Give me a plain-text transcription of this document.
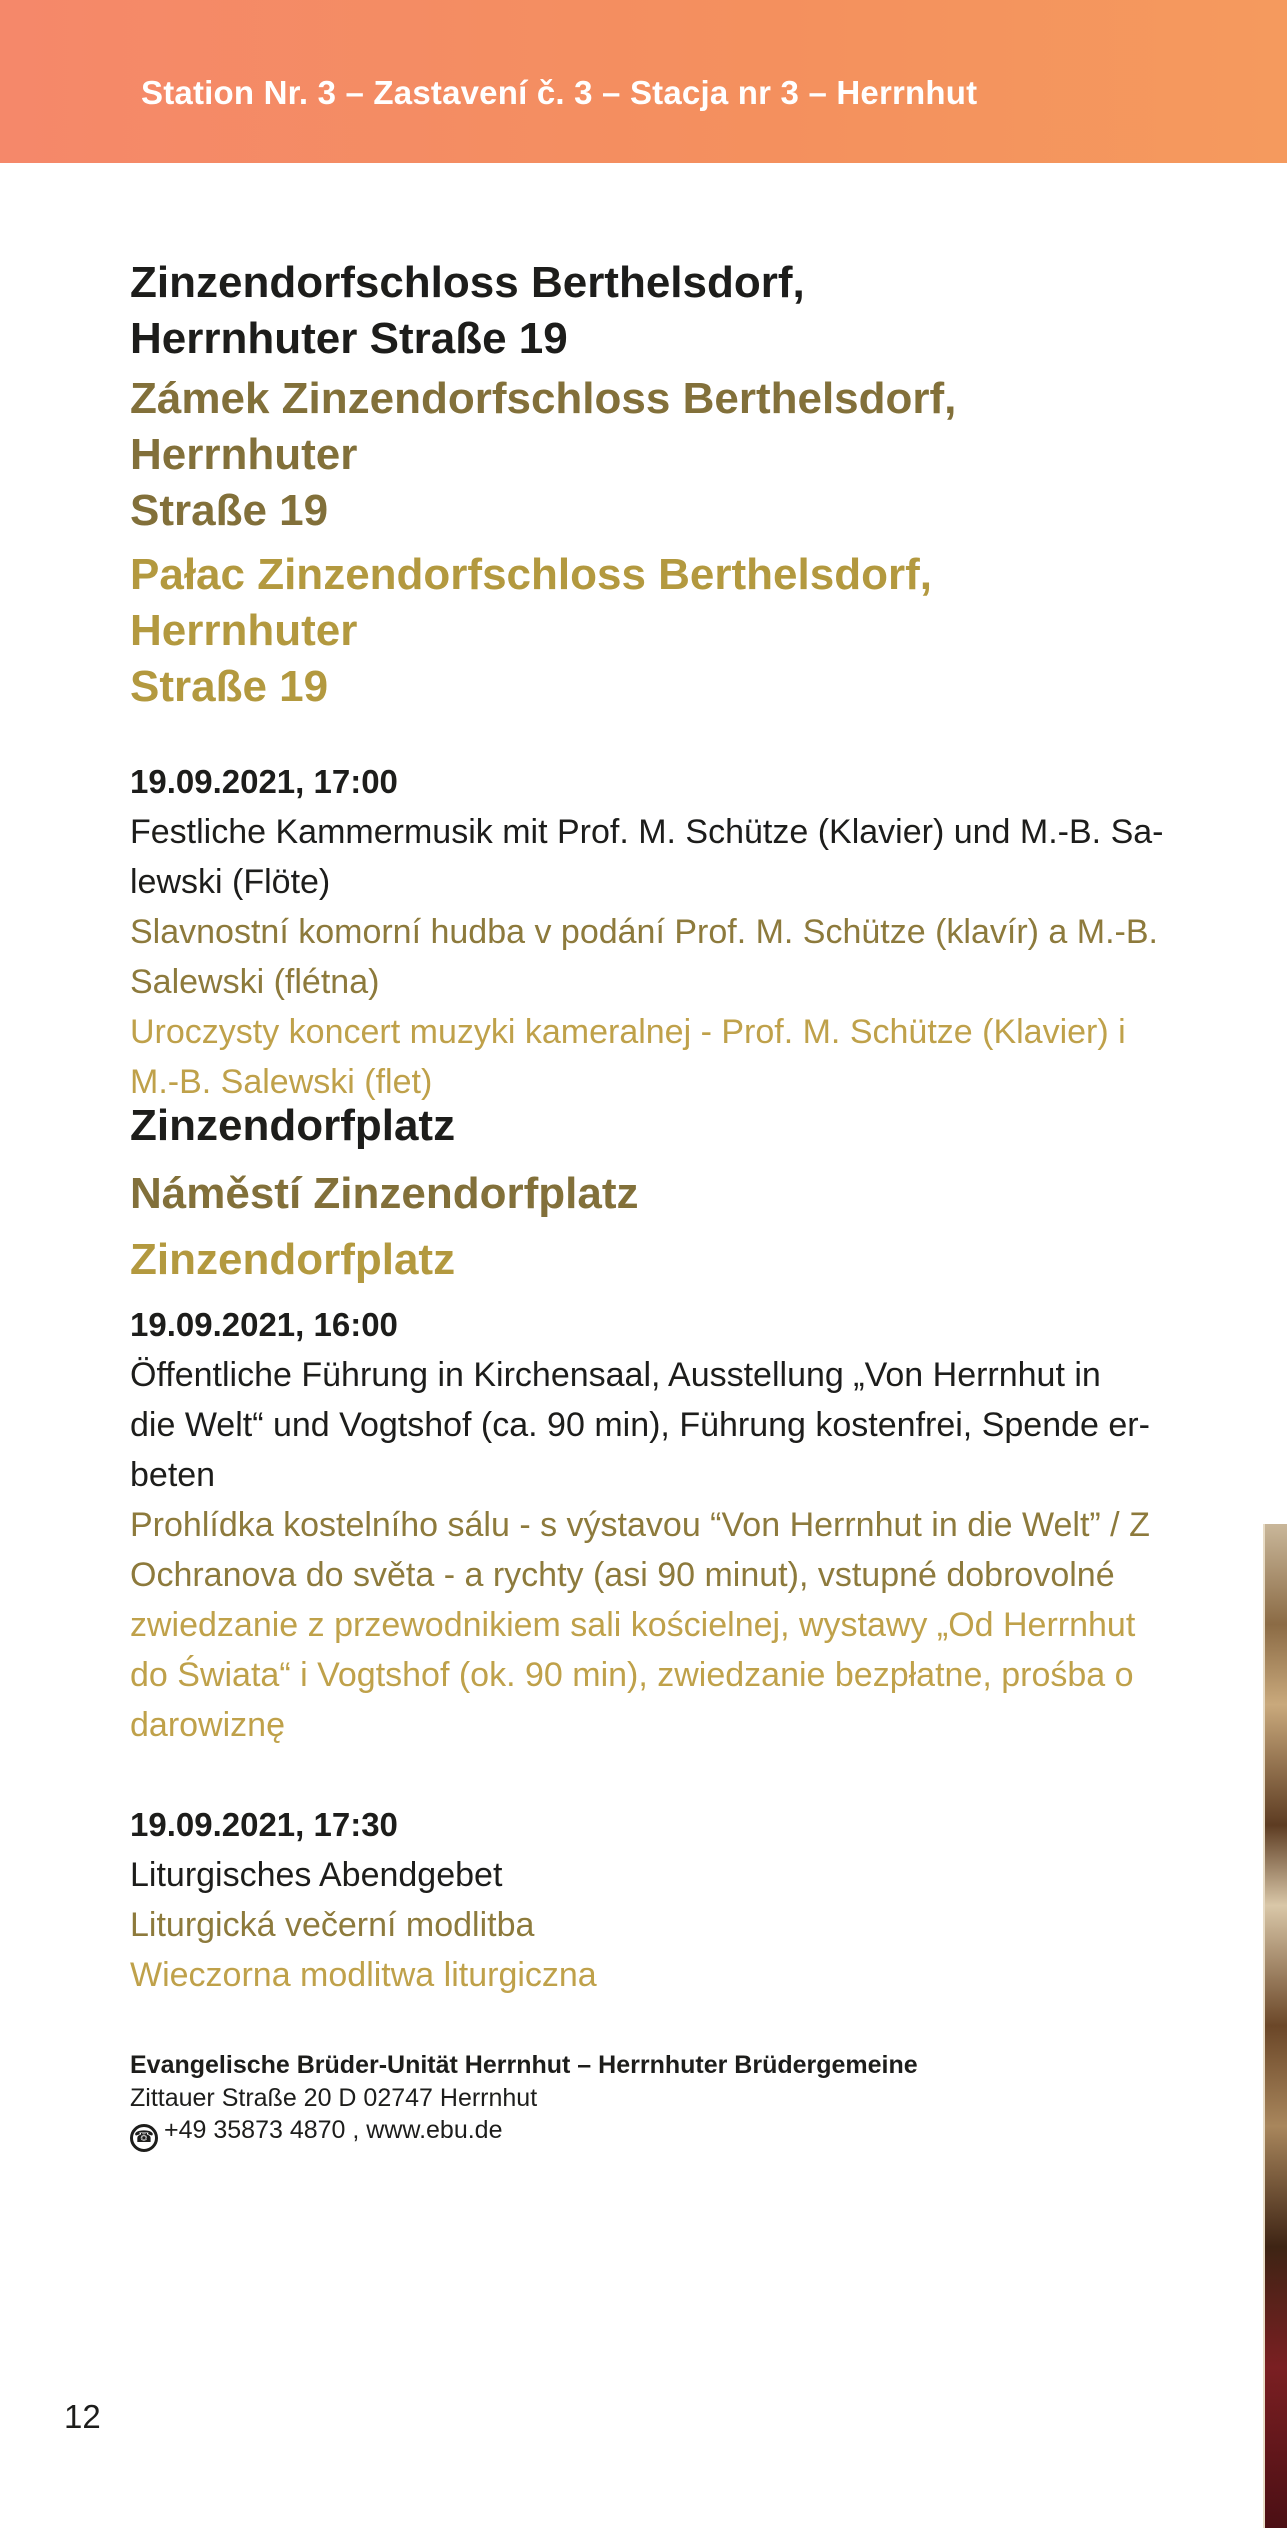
Station Nr. 3 – Zastavení č. 3 – Stacja nr 3 – Herrnhut
Zinzendorfschloss Berthelsdorf,
Herrnhuter Straße 19
Zámek Zinzendorfschloss Berthelsdorf, Herrnhuter
Straße 19
Pałac Zinzendorfschloss Berthelsdorf, Herrnhuter
Straße 19
19.09.2021, 17:00
Festliche Kammermusik mit Prof. M. Schütze (Klavier) und M.-B. Sa-
lewski (Flöte)
Slavnostní komorní hudba v podání Prof. M. Schütze (klavír) a M.-B.
Salewski (flétna)
Uroczysty koncert muzyki kameralnej - Prof. M. Schütze (Klavier) i
M.-B. Salewski (flet)
Zinzendorfplatz
Náměstí Zinzendorfplatz
Zinzendorfplatz
19.09.2021, 16:00
Öffentliche Führung in Kirchensaal, Ausstellung „Von Herrnhut in
die Welt“ und Vogtshof (ca. 90 min), Führung kostenfrei, Spende er-
beten
Prohlídka kostelního sálu - s výstavou “Von Herrnhut in die Welt” / Z
Ochranova do světa - a rychty (asi 90 minut), vstupné dobrovolné
zwiedzanie z przewodnikiem sali kościelnej, wystawy „Od Herrnhut
do Świata“ i Vogtshof (ok. 90 min), zwiedzanie bezpłatne, prośba o
darowiznę
19.09.2021, 17:30
Liturgisches Abendgebet
Liturgická večerní modlitba
Wieczorna modlitwa liturgiczna
Evangelische Brüder-Unität Herrnhut – Herrnhuter Brüdergemeine
Zittauer Straße 20 D 02747 Herrnhut
☎ +49 35873 4870 , www.ebu.de
12
